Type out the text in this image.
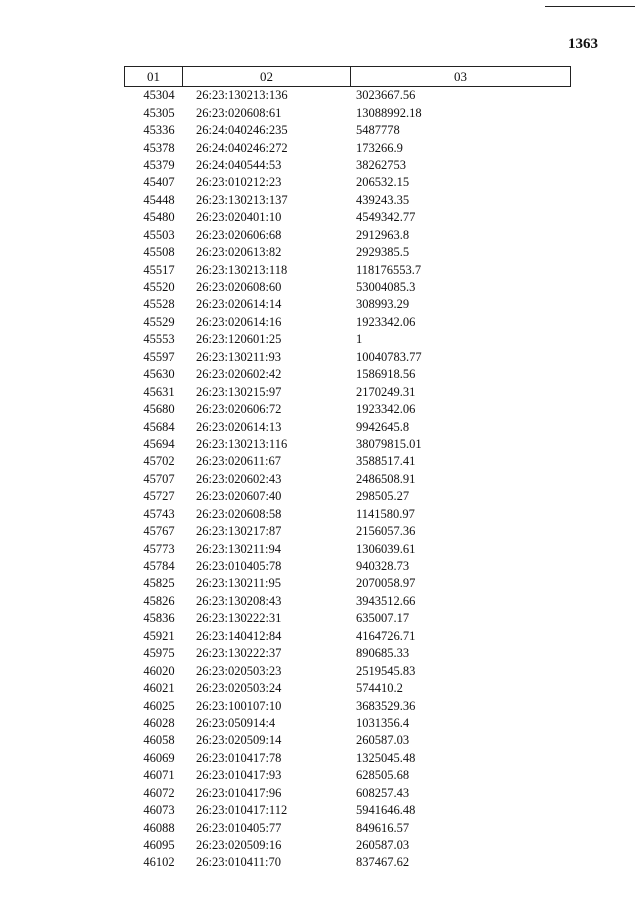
1363
01	02	03
45304	26:23:130213:136	3023667.56
45305	26:23:020608:61	13088992.18
45336	26:24:040246:235	5487778
45378	26:24:040246:272	173266.9
45379	26:24:040544:53	38262753
45407	26:23:010212:23	206532.15
45448	26:23:130213:137	439243.35
45480	26:23:020401:10	4549342.77
45503	26:23:020606:68	2912963.8
45508	26:23:020613:82	2929385.5
45517	26:23:130213:118	118176553.7
45520	26:23:020608:60	53004085.3
45528	26:23:020614:14	308993.29
45529	26:23:020614:16	1923342.06
45553	26:23:120601:25	1
45597	26:23:130211:93	10040783.77
45630	26:23:020602:42	1586918.56
45631	26:23:130215:97	2170249.31
45680	26:23:020606:72	1923342.06
45684	26:23:020614:13	9942645.8
45694	26:23:130213:116	38079815.01
45702	26:23:020611:67	3588517.41
45707	26:23:020602:43	2486508.91
45727	26:23:020607:40	298505.27
45743	26:23:020608:58	1141580.97
45767	26:23:130217:87	2156057.36
45773	26:23:130211:94	1306039.61
45784	26:23:010405:78	940328.73
45825	26:23:130211:95	2070058.97
45826	26:23:130208:43	3943512.66
45836	26:23:130222:31	635007.17
45921	26:23:140412:84	4164726.71
45975	26:23:130222:37	890685.33
46020	26:23:020503:23	2519545.83
46021	26:23:020503:24	574410.2
46025	26:23:100107:10	3683529.36
46028	26:23:050914:4	1031356.4
46058	26:23:020509:14	260587.03
46069	26:23:010417:78	1325045.48
46071	26:23:010417:93	628505.68
46072	26:23:010417:96	608257.43
46073	26:23:010417:112	5941646.48
46088	26:23:010405:77	849616.57
46095	26:23:020509:16	260587.03
46102	26:23:010411:70	837467.62
